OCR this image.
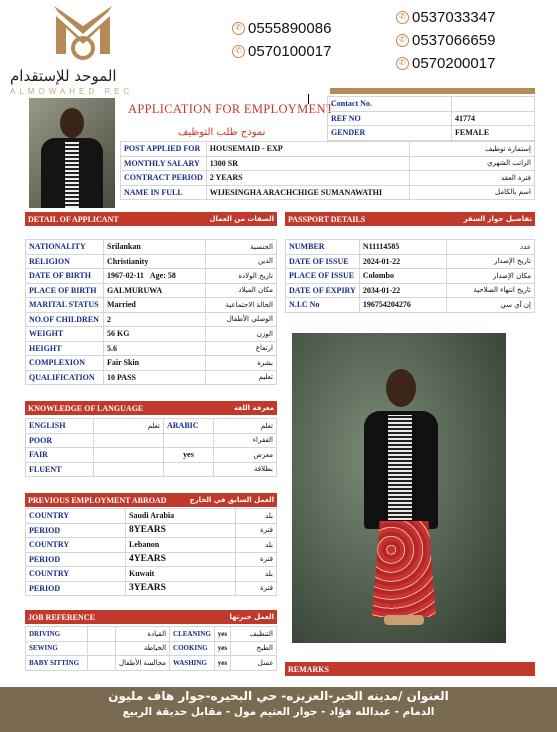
الموحد للإستقدام
ALMOWAHED REC
✆ 0555890086
✆ 0570100017
✆ 0537033347
✆ 0537066659
✆ 0570200017
APPLICATION FOR EMPLOYMENT
نموذج طلب التوظيف
Contact No.	
REF NO	41774
GENDER	FEMALE
POST APPLIED FOR	HOUSEMAID - EXP	إستمارة توظيف
MONTHLY SALARY	1300 SR	الراتب الشهري
CONTRACT PERIOD	2 YEARS	فترة العقد
NAME IN FULL	WIJESINGHA ARACHCHIGE SUMANAWATHI	اسم بالكامل
DETAIL OF APPLICANT	الصفات من العمال
NATIONALITY	Srilankan	الجنسية
RELIGION	Christianity	الدين
DATE OF BIRTH	1967-02-11 Age: 58	تاريخ الولادة
PLACE OF BIRTH	GALMURUWA	مكان الميلاد
MARITAL STATUS	Married	الحالة الاجتماعية
NO.OF CHILDREN	2	الوصلي الأطفال
WEIGHT	56 KG	الوزن
HEIGHT	5.6	ارتفاع
COMPLEXION	Fair Skin	بشرة
QUALIFICATION	10 PASS	تعليم
PASSPORT DETAILS	تفاصيل جواز السفر
NUMBER	N11114585	عدد
DATE OF ISSUE	2024-01-22	تاريخ الإصدار
PLACE OF ISSUE	Colombo	مكان الإصدار
DATE OF EXPIRY	2034-01-22	تاريخ انتهاء الصلاحية
N.I.C No	196754204276	إن آي سي
KNOWLEDGE OF LANGUAGE	معرفة اللغة
ENGLISH	تعلم	ARABIC	تعلم
POOR			الفقراء
FAIR		yes	معرض
FLUENT			بطلاقة
PREVIOUS EMPLOYMENT ABROAD	العمل السابق في الخارج
COUNTRY	Saudi Arabia	بلد
PERIOD	8YEARS	فترة
COUNTRY	Lebanon	بلد
PERIOD	4YEARS	فترة
COUNTRY	Kuwait	بلد
PERIOD	3YEARS	فترة
JOB REFERENCE	العمل خبرتها
DRIVING		القيادة	CLEANING	yes	التنظيف
SEWING		الخياطة	COOKING	yes	الطبخ
BABY SITTING		مجالسة الأطفال	WASHING	yes	غسل
REMARKS
العنوان /مدينه الخبر-العزيزه- حي البحيره-جوار هاف مليون
الدمام - عبدالله فؤاد - جوار العثيم مول - مقابل حديقة الربيع
